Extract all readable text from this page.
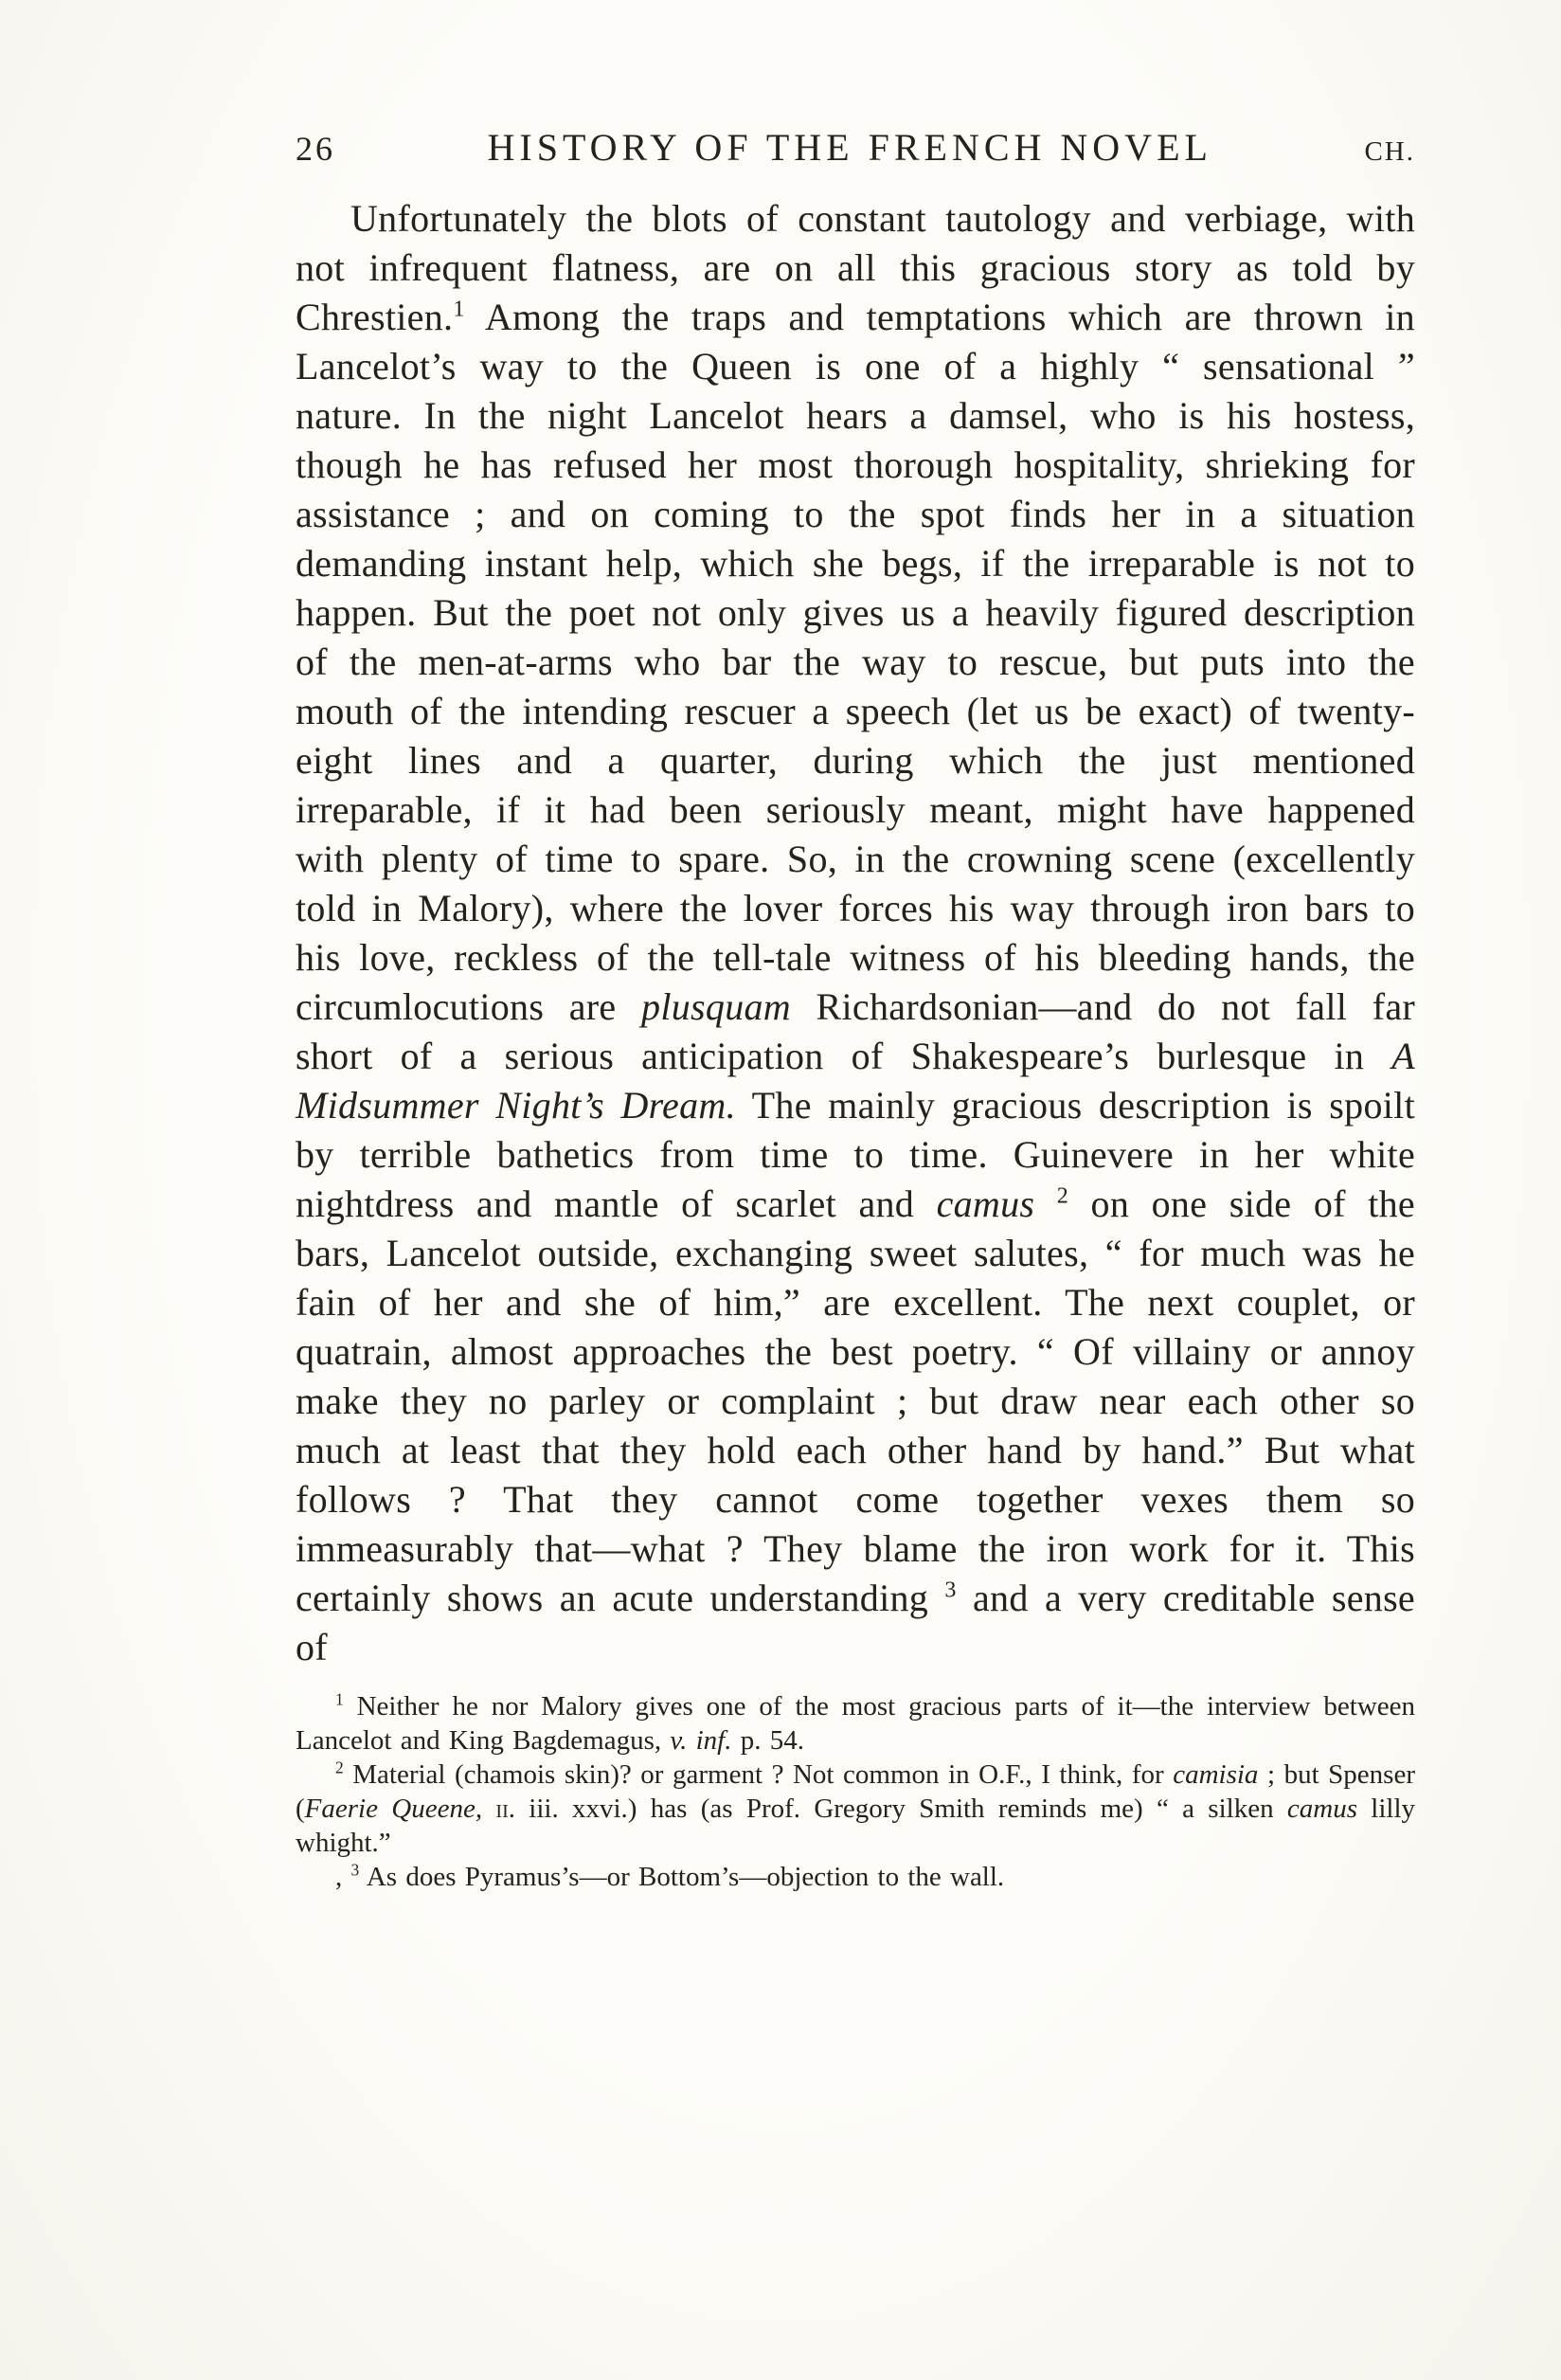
26	HISTORY OF THE FRENCH NOVEL	CH.

Unfortunately the blots of constant tautology and verbiage, with not infrequent flatness, are on all this gracious story as told by Chrestien.$^1$ Among the traps and temptations which are thrown in Lancelot’s way to the Queen is one of a highly “ sensational ” nature. In the night Lancelot hears a damsel, who is his hostess, though he has refused her most thorough hospitality, shrieking for assistance ; and on coming to the spot finds her in a situation demanding instant help, which she begs, if the irreparable is not to happen. But the poet not only gives us a heavily figured description of the men-at-arms who bar the way to rescue, but puts into the mouth of the intending rescuer a speech (let us be exact) of twenty-eight lines and a quarter, during which the just mentioned irreparable, if it had been seriously meant, might have happened with plenty of time to spare. So, in the crowning scene (excellently told in Malory), where the lover forces his way through iron bars to his love, reckless of the tell-tale witness of his bleeding hands, the circumlocutions are plusquam Richardsonian—and do not fall far short of a serious anticipation of Shakespeare’s burlesque in A Midsummer Night’s Dream. The mainly gracious description is spoilt by terrible bathetics from time to time. Guinevere in her white nightdress and mantle of scarlet and camus $^2$ on one side of the bars, Lancelot outside, exchanging sweet salutes, “ for much was he fain of her and she of him,” are excellent. The next couplet, or quatrain, almost approaches the best poetry. “ Of villainy or annoy make they no parley or complaint ; but draw near each other so much at least that they hold each other hand by hand.” But what follows ? That they cannot come together vexes them so immeasurably that—what ? They blame the iron work for it. This certainly shows an acute understanding $^3$ and a very creditable sense of

$^1$ Neither he nor Malory gives one of the most gracious parts of it—the interview between Lancelot and King Bagdemagus, v. inf. p. 54.

$^2$ Material (chamois skin)? or garment ? Not common in O.F., I think, for camisia ; but Spenser (Faerie Queene, ii. iii. xxvi.) has (as Prof. Gregory Smith reminds me) “ a silken camus lilly whight.”

, $^3$ As does Pyramus’s—or Bottom’s—objection to the wall.
